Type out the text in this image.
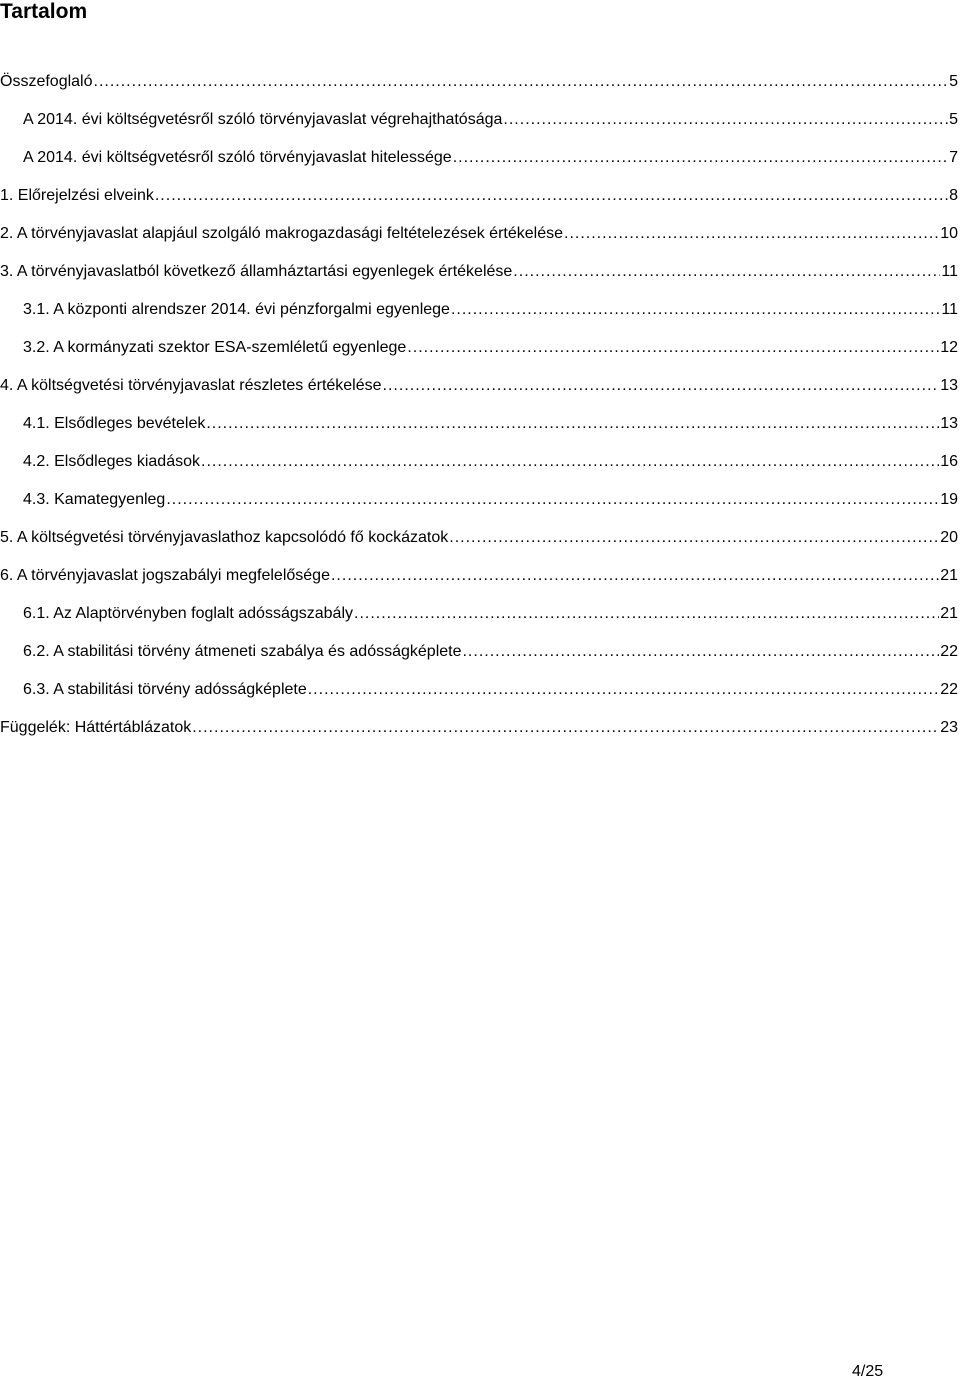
Tartalom
Összefoglaló .....	5
A 2014. évi költségvetésről szóló törvényjavaslat végrehajthatósága .....	5
A 2014. évi költségvetésről szóló törvényjavaslat hitelessége .....	7
1. Előrejelzési elveink .....	8
2. A törvényjavaslat alapjául szolgáló makrogazdasági feltételezések értékelése .....	10
3. A törvényjavaslatból következő államháztartási egyenlegek értékelése .....	11
3.1. A központi alrendszer 2014. évi pénzforgalmi egyenlege .....	11
3.2. A kormányzati szektor ESA-szemléletű egyenlege .....	12
4. A költségvetési törvényjavaslat részletes értékelése .....	13
4.1. Elsődleges bevételek .....	13
4.2. Elsődleges kiadások .....	16
4.3. Kamategyenleg .....	19
5. A költségvetési törvényjavaslathoz kapcsolódó fő kockázatok .....	20
6. A törvényjavaslat jogszabályi megfelelősége .....	21
6.1. Az Alaptörvényben foglalt adósságszabály .....	21
6.2. A stabilitási törvény átmeneti szabálya és adósságképlete .....	22
6.3. A stabilitási törvény adósságképlete .....	22
Függelék: Háttértáblázatok .....	23
4/25
